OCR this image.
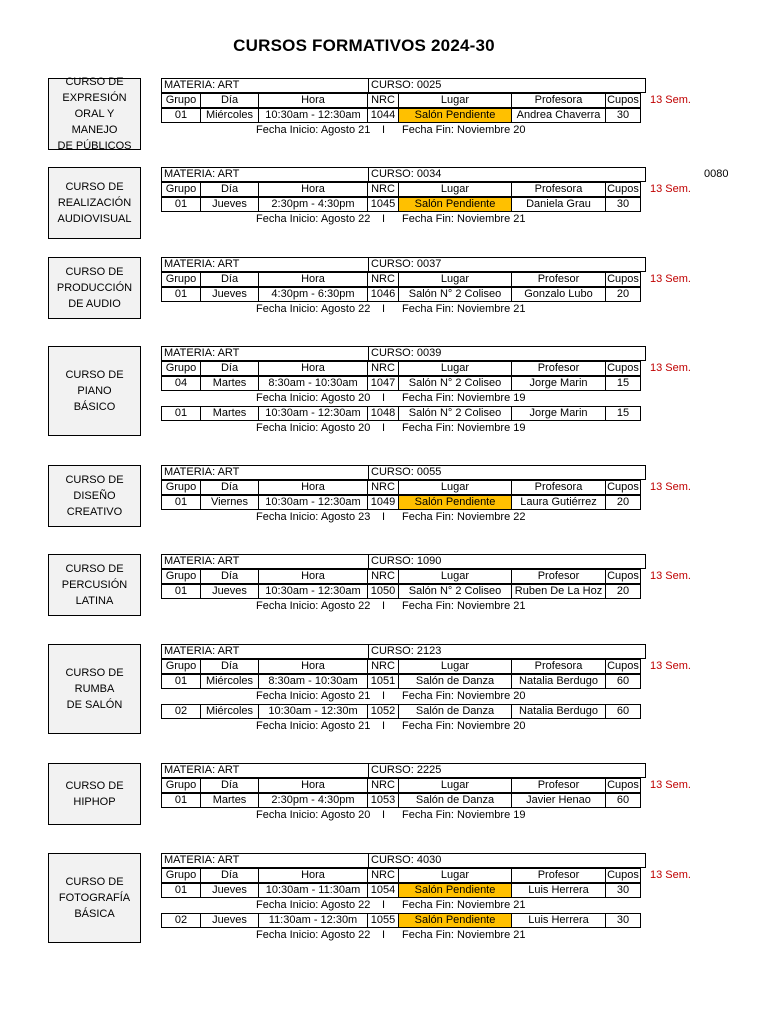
CURSOS FORMATIVOS 2024-30
0080
CURSO DE
EXPRESIÓN
ORAL Y MANEJO
DE PÚBLICOS
MATERIA: ART	CURSO: 0025
Grupo	Día	Hora	NRC	Lugar	Profesora	Cupos 13 Sem.
01	Miércoles	10:30am - 12:30am 1044	Salón Pendiente	Andrea Chaverra	30
Fecha Inicio: Agosto 21 I Fecha Fin: Noviembre 20
CURSO DE
REALIZACIÓN
AUDIOVISUAL
MATERIA: ART	CURSO: 0034
Grupo	Día	Hora	NRC	Lugar	Profesora	Cupos 13 Sem.
01	Jueves	2:30pm - 4:30pm	1045	Salón Pendiente	Daniela Grau	30
Fecha Inicio: Agosto 22 I Fecha Fin: Noviembre 21
CURSO DE
PRODUCCIÓN
DE AUDIO
MATERIA: ART	CURSO: 0037
Grupo	Día	Hora	NRC	Lugar	Profesor	Cupos 13 Sem.
01	Jueves	4:30pm - 6:30pm	1046	Salón N° 2 Coliseo	Gonzalo Lubo	20
Fecha Inicio: Agosto 22 I Fecha Fin: Noviembre 21
CURSO DE PIANO
BÁSICO
MATERIA: ART	CURSO: 0039
Grupo	Día	Hora	NRC	Lugar	Profesor	Cupos 13 Sem.
04	Martes	8:30am - 10:30am	1047	Salón N° 2 Coliseo	Jorge Marin	15
Fecha Inicio: Agosto 20 I Fecha Fin: Noviembre 19
01	Martes	10:30am - 12:30am 1048	Salón N° 2 Coliseo	Jorge Marin	15
Fecha Inicio: Agosto 20 I Fecha Fin: Noviembre 19
CURSO DE
DISEÑO
CREATIVO
MATERIA: ART	CURSO: 0055
Grupo	Día	Hora	NRC	Lugar	Profesora	Cupos 13 Sem.
01	Viernes	10:30am - 12:30am 1049	Salón Pendiente	Laura Gutiérrez	20
Fecha Inicio: Agosto 23 I Fecha Fin: Noviembre 22
CURSO DE
PERCUSIÓN
LATINA
MATERIA: ART	CURSO: 1090
Grupo	Día	Hora	NRC	Lugar	Profesor	Cupos 13 Sem.
01	Jueves	10:30am - 12:30am 1050	Salón N° 2 Coliseo	Ruben De La Hoz	20
Fecha Inicio: Agosto 22 I Fecha Fin: Noviembre 21
CURSO DE
RUMBA
DE SALÓN
MATERIA: ART	CURSO: 2123
Grupo	Día	Hora	NRC	Lugar	Profesora	Cupos 13 Sem.
01	Miércoles	8:30am - 10:30am	1051	Salón de Danza	Natalia Berdugo	60
Fecha Inicio: Agosto 21 I Fecha Fin: Noviembre 20
02	Miércoles	10:30am - 12:30m	1052	Salón de Danza	Natalia Berdugo	60
Fecha Inicio: Agosto 21 I Fecha Fin: Noviembre 20
CURSO DE
HIPHOP
MATERIA: ART	CURSO: 2225
Grupo	Día	Hora	NRC	Lugar	Profesor	Cupos 13 Sem.
01	Martes	2:30pm - 4:30pm	1053	Salón de Danza	Javier Henao	60
Fecha Inicio: Agosto 20 I Fecha Fin: Noviembre 19
CURSO DE
FOTOGRAFÍA
BÁSICA
MATERIA: ART	CURSO: 4030
Grupo	Día	Hora	NRC	Lugar	Profesor	Cupos 13 Sem.
01	Jueves	10:30am - 11:30am 1054	Salón Pendiente	Luis Herrera	30
Fecha Inicio: Agosto 22 I Fecha Fin: Noviembre 21
02	Jueves	11:30am - 12:30m	1055	Salón Pendiente	Luis Herrera	30
Fecha Inicio: Agosto 22 I Fecha Fin: Noviembre 21
